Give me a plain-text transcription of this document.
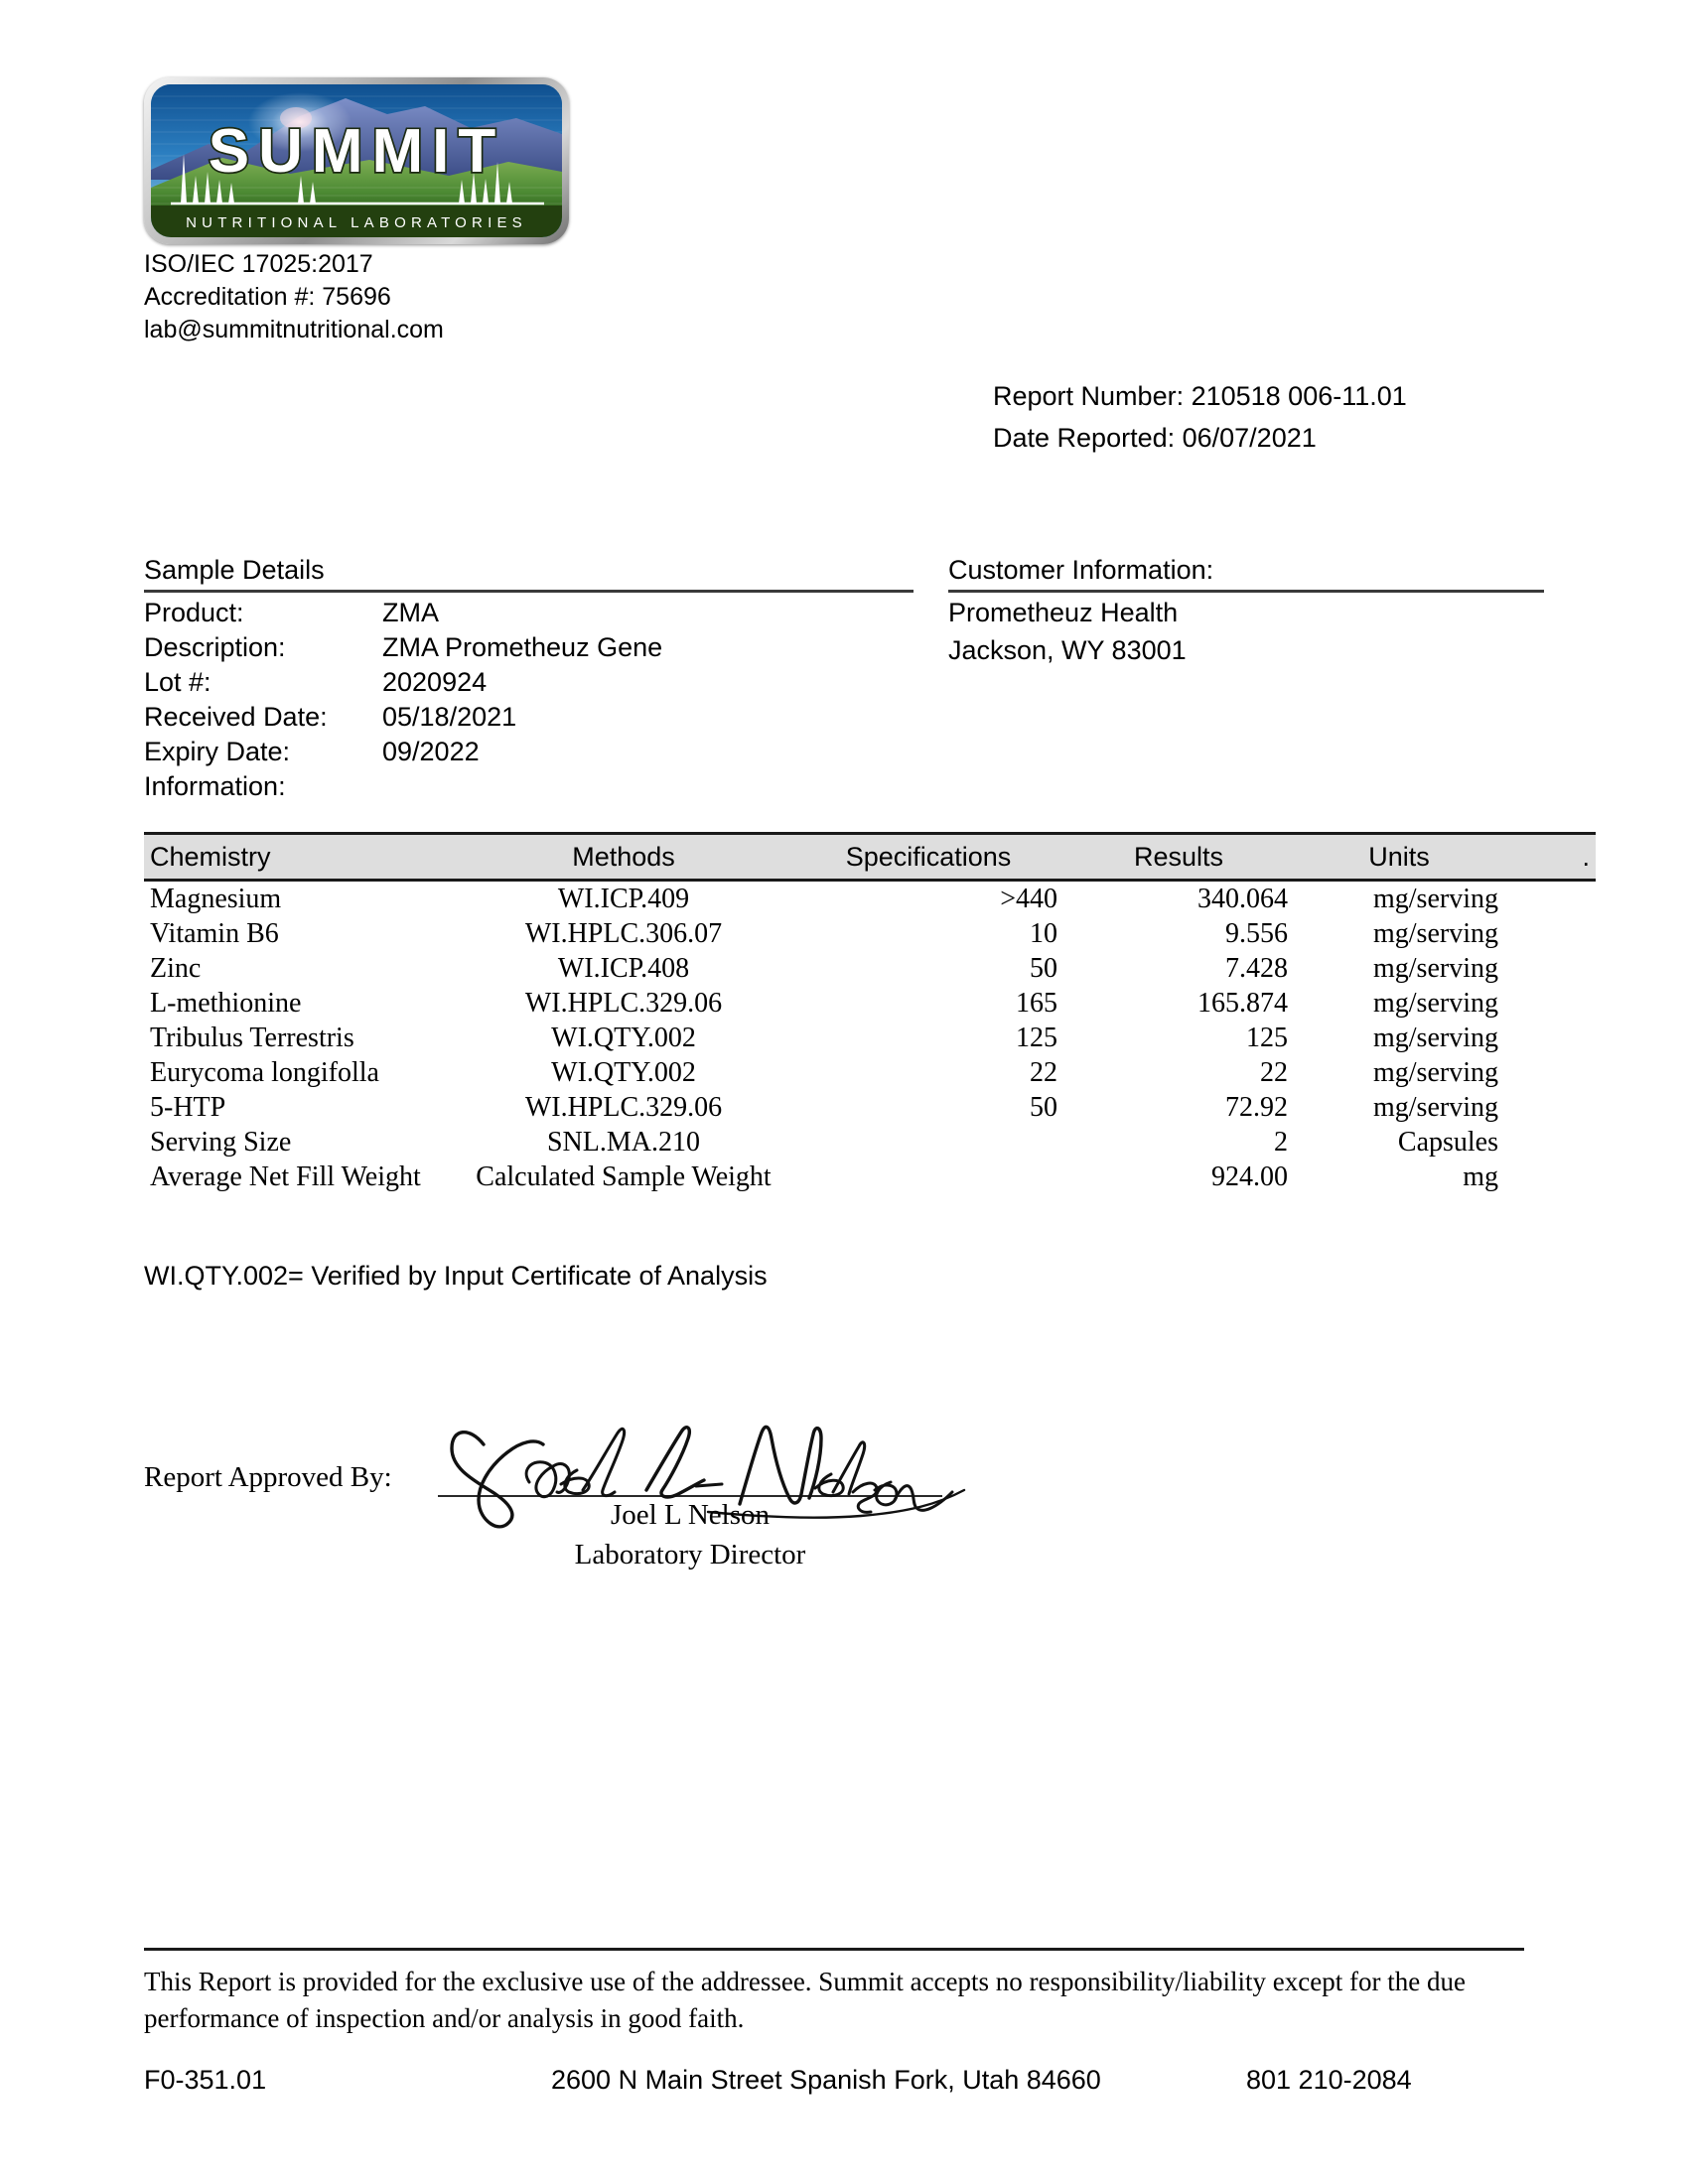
SUMMIT
NUTRITIONAL LABORATORIES
ISO/IEC 17025:2017
Accreditation #: 75696
lab@summitnutritional.com
Report Number: 210518 006-11.01
Date Reported: 06/07/2021
Sample Details
Product:	ZMA
Description:	ZMA Prometheuz Gene
Lot #:	2020924
Received Date:	05/18/2021
Expiry Date:	09/2022
Information:	
Customer Information:
Prometheuz Health
Jackson, WY 83001
Chemistry	Methods	Specifications	Results	Units	.
Magnesium	WI.ICP.409	>440	340.064	mg/serving	
Vitamin B6	WI.HPLC.306.07	10	9.556	mg/serving	
Zinc	WI.ICP.408	50	7.428	mg/serving	
L-methionine	WI.HPLC.329.06	165	165.874	mg/serving	
Tribulus Terrestris	WI.QTY.002	125	125	mg/serving	
Eurycoma longifolla	WI.QTY.002	22	22	mg/serving	
5-HTP	WI.HPLC.329.06	50	72.92	mg/serving	
Serving Size	SNL.MA.210		2	Capsules	
Average Net Fill Weight	Calculated Sample Weight		924.00	mg	
WI.QTY.002= Verified by Input Certificate of Analysis
Report Approved By:
Joel L Nelson
Laboratory Director
This Report is provided for the exclusive use of the addressee. Summit accepts no responsibility/liability except for the due performance of inspection and/or analysis in good faith.
F0-351.01	2600 N Main Street Spanish Fork, Utah 84660	801 210-2084
